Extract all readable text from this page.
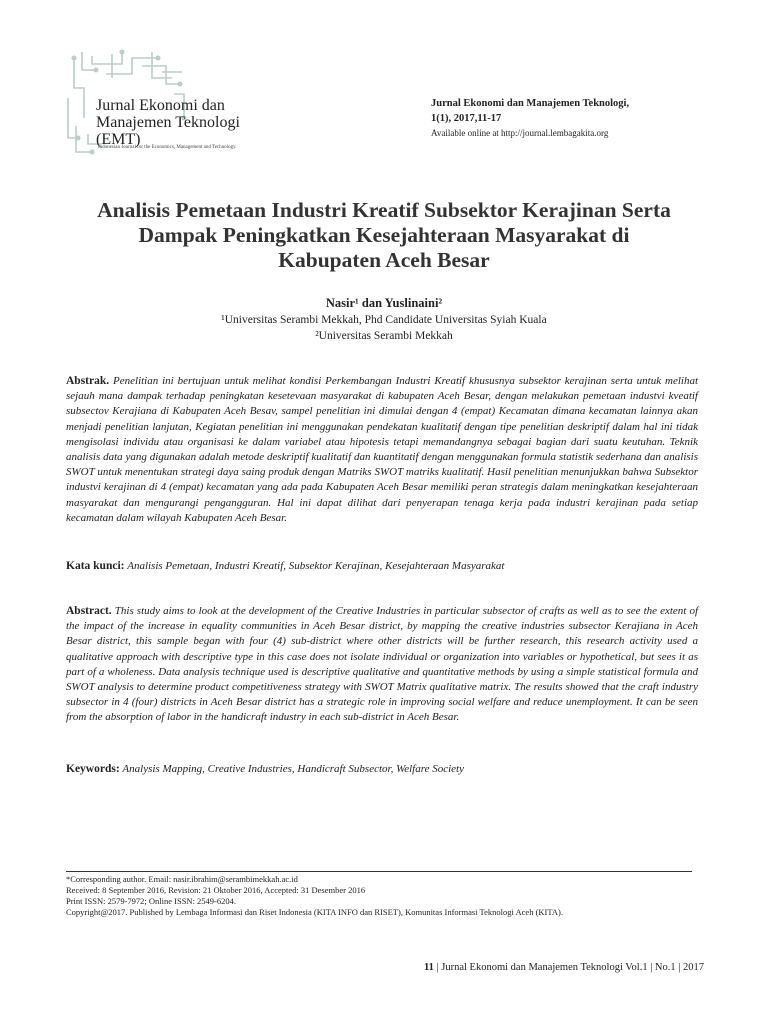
Jurnal Ekonomi dan
Manajemen Teknologi
(EMT)
Indonesian Journal for the Economics, Management and Technology.
Jurnal Ekonomi dan Manajemen Teknologi,
1(1), 2017,11-17
Available online at http://journal.lembagakita.org
Analisis Pemetaan Industri Kreatif Subsektor Kerajinan Serta
Dampak Peningkatkan Kesejahteraan Masyarakat di
Kabupaten Aceh Besar
Nasir¹ dan Yuslinaini²
¹Universitas Serambi Mekkah, Phd Candidate Universitas Syiah Kuala
²Universitas Serambi Mekkah
Abstrak. Penelitian ini bertujuan untuk melihat kondisi Perkembangan Industri Kreatif khususnya subsektor kerajinan serta untuk melihat sejauh mana dampak terhadap peningkatan kesetevaan masyarakat di kabupaten Aceh Besar, dengan melakukan pemetaan industvi kveatif subsectov Kerajiana di Kabupaten Aceh Besav, sampel penelitian ini dimulai dengan 4 (empat) Kecamatan dimana kecamatan lainnya akan menjadi penelitian lanjutan, Kegiatan penelitian ini menggunakan pendekatan kualitatif dengan tipe penelitian deskriptif dalam hal ini tidak mengisolasi individu atau organisasi ke dalam variabel atau hipotesis tetapi memandangnya sebagai bagian dari suatu keutuhan. Teknik analisis data yang digunakan adalah metode deskriptif kualitatif dan kuantitatif dengan menggunakan formula statistik sederhana dan analisis SWOT untuk menentukan strategi daya saing produk dengan Matriks SWOT matriks kualitatif. Hasil penelitian menunjukkan bahwa Subsektor industvi kerajinan di 4 (empat) kecamatan yang ada pada Kabupaten Aceh Besar memiliki peran strategis dalam meningkatkan kesejahteraan masyarakat dan mengurangi pengangguran. Hal ini dapat dilihat dari penyerapan tenaga kerja pada industri kerajinan pada setiap kecamatan dalam wilayah Kabupaten Aceh Besar.
Kata kunci: Analisis Pemetaan, Industri Kreatif, Subsektor Kerajinan, Kesejahteraan Masyarakat
Abstract. This study aims to look at the development of the Creative Industries in particular subsector of crafts as well as to see the extent of the impact of the increase in equality communities in Aceh Besar district, by mapping the creative industries subsector Kerajiana in Aceh Besar district, this sample began with four (4) sub-district where other districts will be further research, this research activity used a qualitative approach with descriptive type in this case does not isolate individual or organization into variables or hypothetical, but sees it as part of a wholeness. Data analysis technique used is descriptive qualitative and quantitative methods by using a simple statistical formula and SWOT analysis to determine product competitiveness strategy with SWOT Matrix qualitative matrix. The results showed that the craft industry subsector in 4 (four) districts in Aceh Besar district has a strategic role in improving social welfare and reduce unemployment. It can be seen from the absorption of labor in the handicraft industry in each sub-district in Aceh Besar.
Keywords: Analysis Mapping, Creative Industries, Handicraft Subsector, Welfare Society
*Corresponding author. Email: nasir.ibrahim@serambimekkah.ac.id
Received: 8 September 2016, Revision: 21 Oktober 2016, Accepted: 31 Desember 2016
Print ISSN: 2579-7972; Online ISSN: 2549-6204.
Copyright@2017. Published by Lembaga Informasi dan Riset Indonesia (KITA INFO dan RISET), Komunitas Informasi Teknologi Aceh (KITA).
11 | Jurnal Ekonomi dan Manajemen Teknologi Vol.1 | No.1 | 2017
